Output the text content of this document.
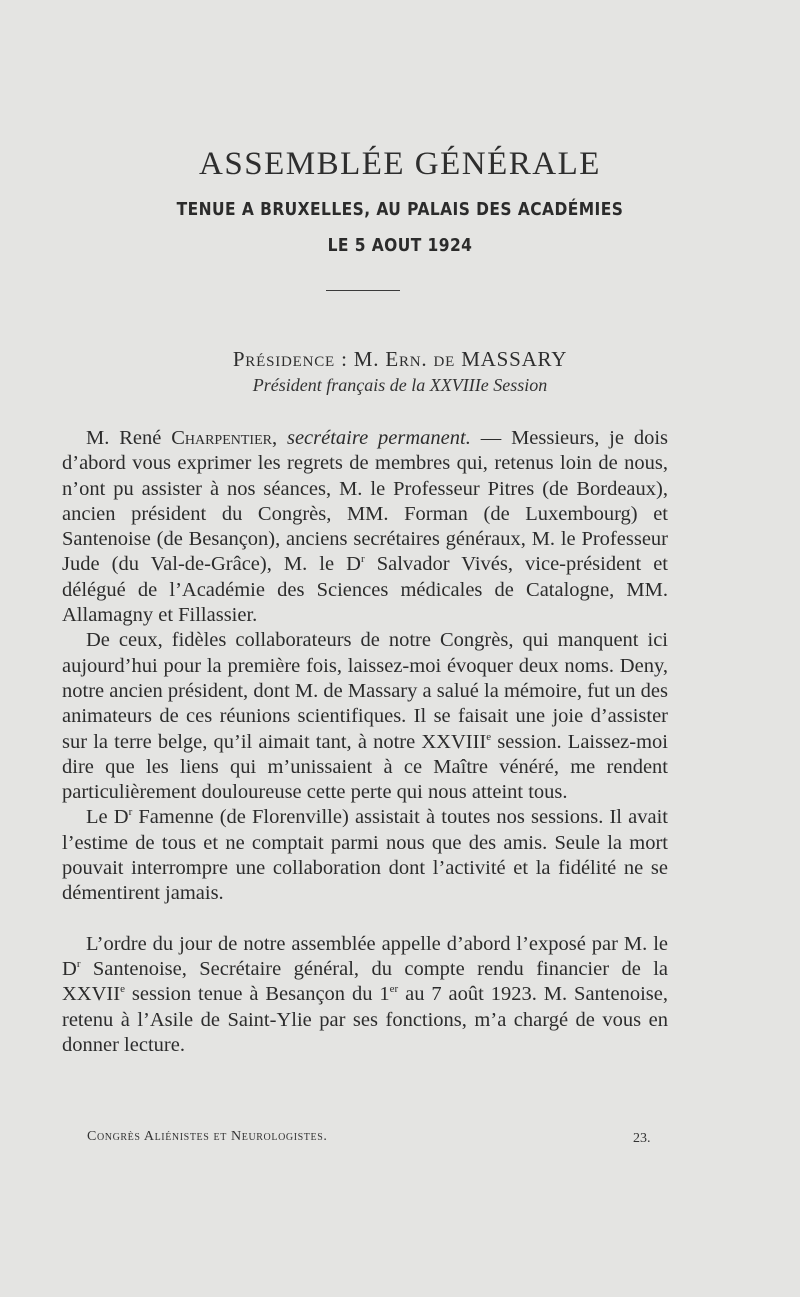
ASSEMBLÉE GÉNÉRALE
TENUE A BRUXELLES, AU PALAIS DES ACADÉMIES
LE 5 AOUT 1924
Présidence : M. Ern. de MASSARY
Président français de la XXVIIIe Session

M. René Charpentier, secrétaire permanent. — Messieurs, je dois d’abord vous exprimer les regrets de membres qui, retenus loin de nous, n’ont pu assister à nos séances, M. le Professeur Pitres (de Bordeaux), ancien président du Congrès, MM. Forman (de Luxembourg) et Santenoise (de Besançon), anciens secrétaires généraux, M. le Professeur Jude (du Val-de-Grâce), M. le $D^r$ Salvador Vivés, vice-président et délégué de l’Académie des Sciences médicales de Catalogne, MM. Allamagny et Fillassier.

De ceux, fidèles collaborateurs de notre Congrès, qui manquent ici aujourd’hui pour la première fois, laissez-moi évoquer deux noms. Deny, notre ancien président, dont M. de Massary a salué la mémoire, fut un des animateurs de ces réunions scientifiques. Il se faisait une joie d’assister sur la terre belge, qu’il aimait tant, à notre XXVIIIe session. Laissez-moi dire que les liens qui m’unissaient à ce Maître vénéré, me rendent particulièrement douloureuse cette perte qui nous atteint tous.

Le $D^r$ Famenne (de Florenville) assistait à toutes nos sessions. Il avait l’estime de tous et ne comptait parmi nous que des amis. Seule la mort pouvait interrompre une collaboration dont l’activité et la fidélité ne se démentirent jamais.

L’ordre du jour de notre assemblée appelle d’abord l’exposé par M. le $D^r$ Santenoise, Secrétaire général, du compte rendu financier de la XXVIIe session tenue à Besançon du 1er au 7 août 1923. M. Santenoise, retenu à l’Asile de Saint-Ylie par ses fonctions, m’a chargé de vous en donner lecture.

Congrès Aliénistes et Neurologistes.	23.
